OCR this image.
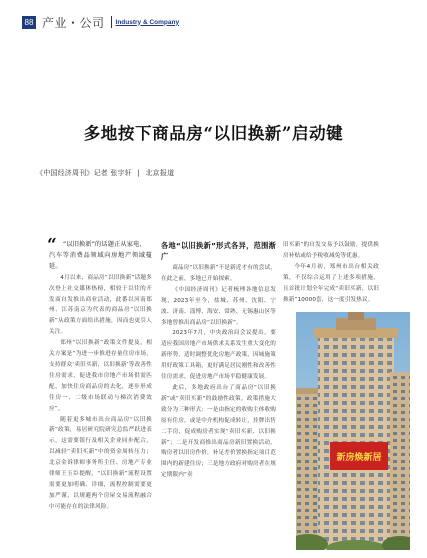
88 产业・公司 Industry & Company
多地按下商品房“以旧换新”启动键
《中国经济周刊》记者 张宇轩 | 北京报道
“ “以旧换新”的话题正从家电、
汽车等消费品领域向房地产领域蔓延。

4月以来，商品房“以旧换新”话题多次登上社交媒体热榜，相较于以往的开发商自发推出商业活动，此番以河南郑州、江苏南京为代表的商品房“以旧换新”从政策方面给出措施，因而也更引人关注。

郑州“以旧换新”政策文件提及，相关方案是“为进一步推进存量住房市场，支持群众‘卖旧买新，以旧换新’等改善性住房需求，促进我市房地产市场供需匹配，加快住房商品房的去化，逐步形成住房一、二级市场联动与梯次消费效应”。

随着更多城市出台商品房“以旧换新”政策，易居研究院研究总监严跃进表示，这需要银行及相关企业同步配合，以减轻“卖旧买新”中的资金周转压力；北京金诉律师事务所主任、房地产专业律师王玉臣提醒，“以旧换新”流程设置需要更加明确、详细，流程控制需要更加严谨，以规避两个房屋交易流程融合中可能存在的法律风险。

各地“以旧换新”形式各异，范围渐广

商品房“以旧换新”不是新近才有的尝试，在此之前，多地已开始探索。

《中国经济周刊》记者梳理各地信息发现，2023年至今，盐城、苏州、沈阳、宁波、济南、淄博、海安、常熟、无锡惠山区等多地曾推出商品房“以旧换新”。

2023年7月，中央政治局会议提出，要适应我国房地产市场供求关系发生重大变化的新形势，适时调整优化房地产政策，因城施策用好政策工具箱，更好满足居民刚性和改善性住房需求，促进房地产市场平稳健康发展。

此后，多地政府出台了商品房“以旧换新”或“卖旧买新”的鼓励性政策。政策措施大致分为三种形式：一是由指定的收购主体收购原有住房，或是中介机构促成转让，挂牌出售二手房，促成购房者实现“卖旧买新、以旧换新”；二是开发商推出商品房新旧置换活动，购房者以旧房作价，补足差价置换指定项目范围内的新建住房；三是地方政府对购房者在规定期限内“卖

旧买新”的自发交易予以鼓励，提供换房补贴或给予税收减免等优惠。

今年4月初，郑州市出台相关政策，不仅综合运用了上述多项措施，且首批计划全年完成“卖旧买新、以旧换新”10000套，这一度引发热议。

新房焕新居
